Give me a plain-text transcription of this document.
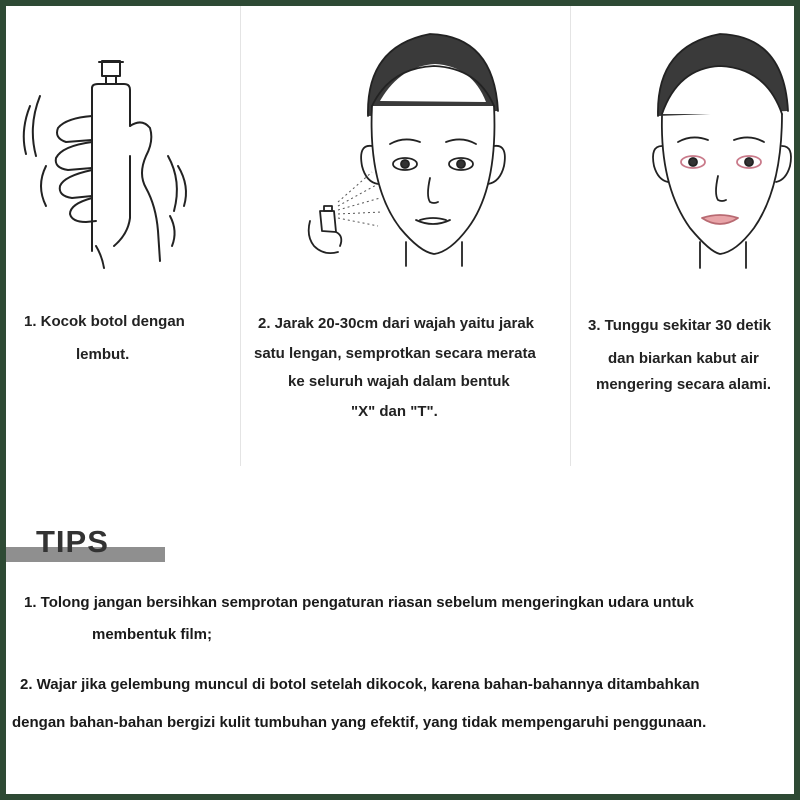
1. Kocok botol dengan
lembut.
2. Jarak 20-30cm dari wajah yaitu jarak
satu lengan, semprotkan secara merata
ke seluruh wajah dalam bentuk
"X" dan "T".
3. Tunggu sekitar 30 detik
dan biarkan kabut air
mengering secara alami.
TIPS
1. Tolong jangan bersihkan semprotan pengaturan riasan sebelum mengeringkan udara untuk
membentuk film;
2. Wajar jika gelembung muncul di botol setelah dikocok, karena bahan-bahannya ditambahkan
dengan bahan-bahan bergizi kulit tumbuhan yang efektif, yang tidak mempengaruhi penggunaan.
